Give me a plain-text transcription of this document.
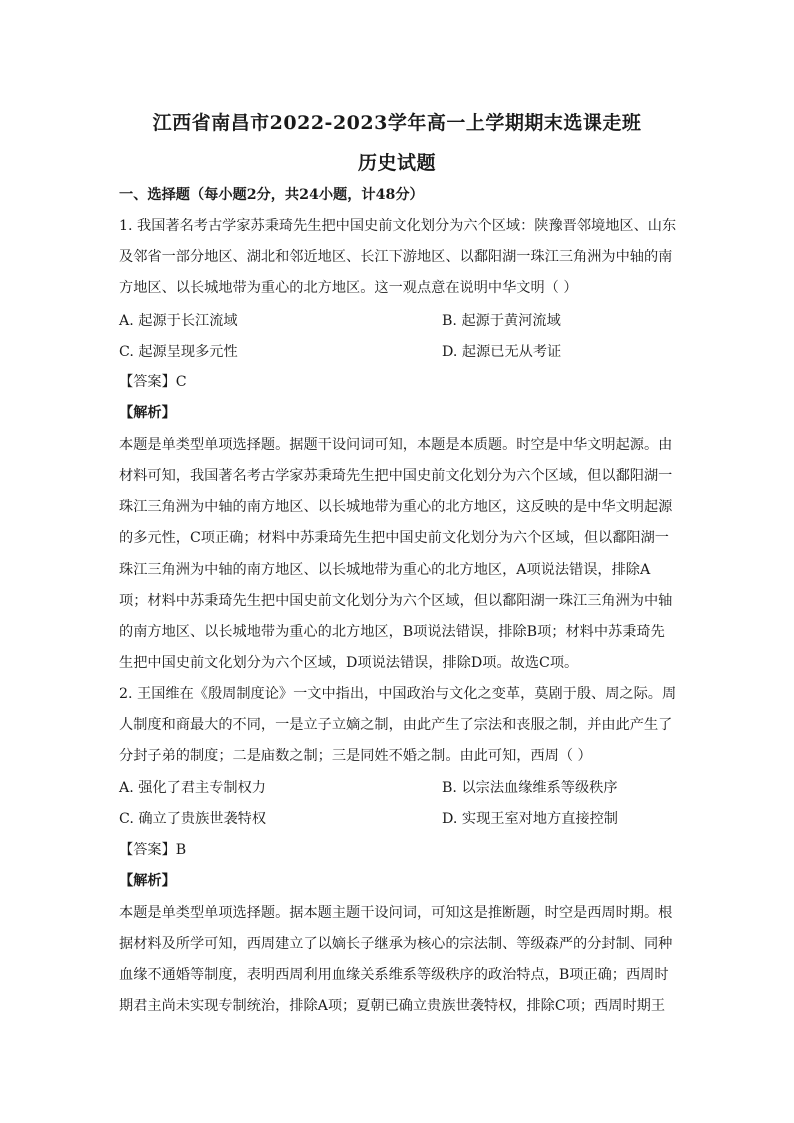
江西省南昌市2022-2023学年高一上学期期末选课走班
历史试题
一、选择题（每小题2分，共24小题，计48分）
1. 我国著名考古学家苏秉琦先生把中国史前文化划分为六个区域：陕豫晋邻境地区、山东
及邻省一部分地区、湖北和邻近地区、长江下游地区、以鄱阳湖一珠江三角洲为中轴的南
方地区、以长城地带为重心的北方地区。这一观点意在说明中华文明（ ）
A. 起源于长江流域	B. 起源于黄河流域
C. 起源呈现多元性	D. 起源已无从考证
【答案】C
【解析】
本题是单类型单项选择题。据题干设问词可知，本题是本质题。时空是中华文明起源。由
材料可知，我国著名考古学家苏秉琦先生把中国史前文化划分为六个区域，但以鄱阳湖一
珠江三角洲为中轴的南方地区、以长城地带为重心的北方地区，这反映的是中华文明起源
的多元性，C项正确；材料中苏秉琦先生把中国史前文化划分为六个区域，但以鄱阳湖一
珠江三角洲为中轴的南方地区、以长城地带为重心的北方地区，A项说法错误，排除A
项；材料中苏秉琦先生把中国史前文化划分为六个区域，但以鄱阳湖一珠江三角洲为中轴
的南方地区、以长城地带为重心的北方地区，B项说法错误，排除B项；材料中苏秉琦先
生把中国史前文化划分为六个区域，D项说法错误，排除D项。故选C项。
2. 王国维在《殷周制度论》一文中指出，中国政治与文化之变革，莫剧于殷、周之际。周
人制度和商最大的不同，一是立子立嫡之制，由此产生了宗法和丧服之制，并由此产生了
分封子弟的制度；二是庙数之制；三是同姓不婚之制。由此可知，西周（ ）
A. 强化了君主专制权力	B. 以宗法血缘维系等级秩序
C. 确立了贵族世袭特权	D. 实现王室对地方直接控制
【答案】B
【解析】
本题是单类型单项选择题。据本题主题干设问词，可知这是推断题，时空是西周时期。根
据材料及所学可知，西周建立了以嫡长子继承为核心的宗法制、等级森严的分封制、同种
血缘不通婚等制度，表明西周利用血缘关系维系等级秩序的政治特点，B项正确；西周时
期君主尚未实现专制统治，排除A项；夏朝已确立贵族世袭特权，排除C项；西周时期王
